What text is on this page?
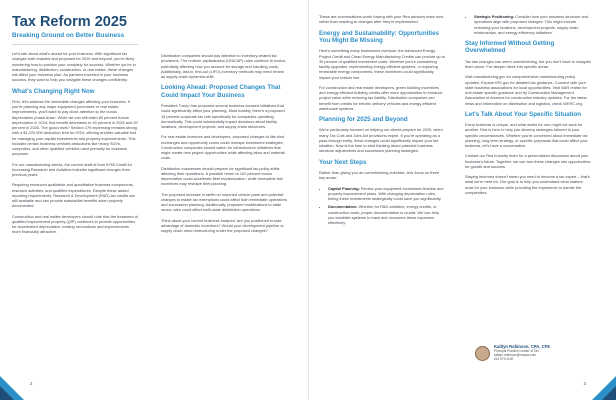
Tax Reform 2025
Breaking Ground on Better Business

Let's talk about what's ahead for your business. With significant tax changes both enacted and proposed for 2025 and beyond, you're likely wondering how to position your company for success. Whether you're in manufacturing, distribution, construction, or real estate, these changes will affect your business plan. As partners invested in your business success, they want to help you navigate these changes confidently.

What's Changing Right Now

First, let's address the immediate changes affecting your business. If you're planning any major equipment purchases or real estate improvements, you'll want to pay close attention to the bonus depreciation phase-down. While we can still claim 60 percent bonus depreciation in 2024, this benefit decreases to 40 percent in 2025 and 20 percent in 2026. The good news? Section 179 expensing remains strong with a $1,220,000 deduction limit for 2024, offering another valuable tool for managing your capital investments and property improvements. This includes certain business vehicles deductions like heavy SUVs, computers, and other qualified vehicles used primarily for business purposes.

For our manufacturing clients, the current draft of form 6765 Credit for Increasing Research and Activities includes significant changes from previous years.

Requiring enhanced qualitative and quantitative business components, research activities, and qualified expenditures. Despite these added reporting requirements, Research & Development (R&D) tax credits are still available and can provide substantial benefits when properly documented.

Construction and real estate developers should note that the treatment of qualified improvement property (QIP) continues to provide opportunities for accelerated depreciation, making renovations and improvements more financially attractive.

Distribution companies should pay attention to inventory-related tax provisions. The uniform capitalization (UNICAP) rules continue to evolve, potentially affecting how you account for storage and handling costs. Additionally, last-in, first-out (LIFO) inventory methods may need review as supply chain dynamics shift.

Looking Ahead: Proposed Changes That Could Impact Your Business

President Trump has proposed several business-focused initiatives that could significantly affect your planning. Most notably, there's a proposed 15 percent corporate tax rate specifically for companies operating domestically. This could substantially impact decisions about facility locations, development projects, and supply chain structures.

For real estate investors and developers, proposed changes to like-kind exchanges and opportunity zones could reshape investment strategies. Construction companies should watch for infrastructure initiatives that might create new project opportunities while affecting labor and material costs.

Distribution businesses should prepare for significant tax policy shifts affecting their operations. A possible return to 100 percent bonus depreciation could accelerate fleet modernization, while renewable fuel incentives may reshape fleet planning.

The proposed increase in tariffs on imported vehicle parts and potential changes to estate tax exemptions could affect both immediate operations and succession planning. Additionally, proposed modifications to state nexus rules could affect multi-state distribution operations.

Think about your current business footprint. Are you positioned to take advantage of domestic incentives? Would your development pipeline or supply chain need restructuring under the proposed changes?

2

These are conversations worth having with your Rea advisory team now, rather than reacting to changes after they're implemented.

Energy and Sustainability: Opportunities You Might Be Missing

Here's something many businesses overlook: the Advanced Energy Project Credit and Clean Energy Manufacturing Credits can provide up to 30 percent of qualified investment costs. Whether you're considering facility upgrades, implementing energy-efficient systems, or exploring renewable energy components, these incentives could significantly impact your bottom line.

For construction and real estate developers, green building incentives and energy-efficient building credits offer more opportunities to enhance project value while reducing tax liability. Distribution companies can benefit from credits for electric delivery vehicles and energy-efficient warehouse systems.

Planning for 2025 and Beyond

We're particularly focused on helping our clients prepare for 2025, when many Tax Cuts and Jobs Act provisions expire. If you're operating as a pass-through entity, these changes could significantly impact your tax situation. Now is the time to start thinking about potential business structure adjustments and succession planning strategies.

Your Next Steps

Rather than giving you an overwhelming checklist, let's focus on three key areas:

• Capital Planning: Review your equipment investment timeline and property improvement plans. With changing depreciation rules, timing these investments strategically could save you significantly.
• Documentation: Whether for R&D activities, energy credits, or construction costs, proper documentation is crucial. We can help you establish systems to track and document these expenses effectively.
• Strategic Positioning: Consider how your business structure and operations align with proposed changes. This might include reviewing your locations, development projects, supply chain relationships, and energy efficiency initiatives.
Stay Informed Without Getting Overwhelmed

Tax law changes can seem overwhelming, but you don't have to navigate them alone. For deeper dives into specific areas:

Visit manufacturing.gov for comprehensive manufacturing policy updates. Explore IRS.gov for detailed tax guidance. Connect with your state business associations for local opportunities. Visit NAR realtor for real estate specific guidance and try Construction Management Association of America for construction industry updates. For the latest news and information on distribution and logistics, check WERC.org.

Let's Talk About Your Specific Situation

Every business is unique, and what works for one might not work for another. Rea is here to help you develop strategies tailored to your specific circumstances. Whether you're concerned about immediate tax planning, long-term strategy, or specific proposals that could affect your business, let's have a conversation.

Contact our Rea industry team for a personalized discussion about your business's future. Together, we can turn these changes into opportunities for growth and success.

Staying informed doesn't mean you need to become a tax expert – that's what we're here for. Our goal is to help you understand what matters most for your business while providing the experience to handle the complexities.

Kaitlyn Robinson, CPA, CFE
Principal Practice Leader of Tax
kaitlyn.robinson@reacpa.com
614.973.1100
3
